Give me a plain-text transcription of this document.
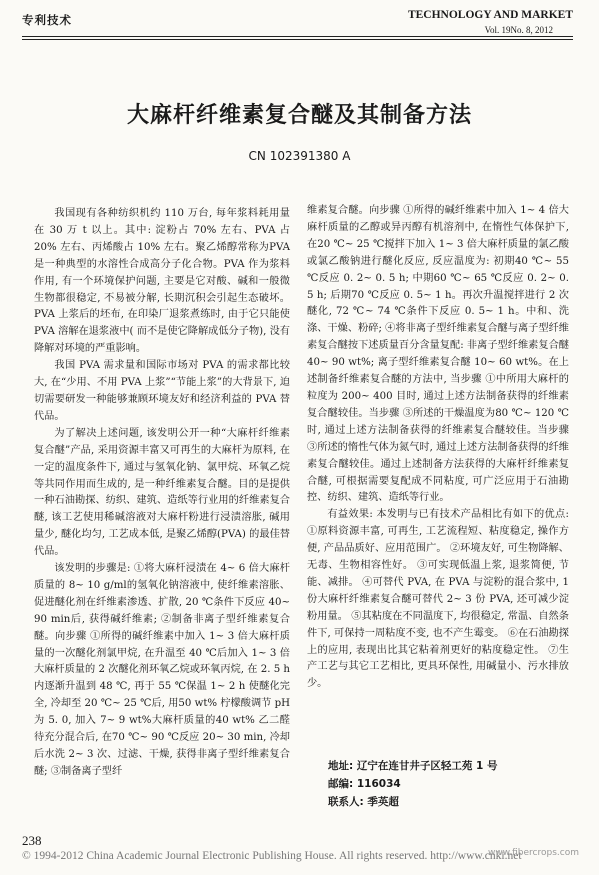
专利技术	TECHNOLOGY AND MARKET
Vol. 19No. 8, 2012
大麻杆纤维素复合醚及其制备方法
CN 102391380 A

我国现有各种纺织机约 110 万台, 每年浆料耗用量在 30 万 t 以上。其中: 淀粉占 70% 左右、PVA 占 20% 左右、丙烯酸占 10% 左右。聚乙烯醇常称为PVA 是一种典型的水溶性合成高分子化合物。PVA 作为浆料作用, 有一个环境保护问题, 主要是它对酸、碱和一般微生物都很稳定, 不易被分解, 长期沉积会引起生态破坏。PVA 上浆后的坯布, 在印染厂退浆煮练时, 由于它只能使 PVA 溶解在退浆液中( 而不是使它降解成低分子物), 没有降解对环境的严重影响。

我国 PVA 需求量和国际市场对 PVA 的需求都比较大, 在“少用、不用 PVA 上浆”“节能上浆”的大背景下, 迫切需要研发一种能够兼顾环境友好和经济利益的 PVA 替代品。

为了解决上述问题, 该发明公开一种“大麻杆纤维素复合醚”产品, 采用资源丰富又可再生的大麻杆为原料, 在一定的温度条件下, 通过与氢氧化钠、氯甲烷、环氧乙烷等共同作用而生成的, 是一种纤维素复合醚。目的是提供一种石油勘探、纺织、建筑、造纸等行业用的纤维素复合醚, 该工艺使用稀碱溶液对大麻杆粉进行浸渍溶胀, 碱用量少, 醚化均匀, 工艺成本低, 是聚乙烯醇(PVA) 的最佳替代品。

该发明的步骤是: ①将大麻杆浸渍在 4~ 6 倍大麻杆质量的 8~ 10 g/ml的氢氧化钠溶液中, 使纤维素溶胀、促进醚化剂在纤维素渗透、扩散, 20 ℃条件下反应 40~ 90 min后, 获得碱纤维素; ②制备非离子型纤维素复合醚。向步骤 ①所得的碱纤维素中加入 1~ 3 倍大麻杆质量的一次醚化剂氯甲烷, 在升温至 40 ℃后加入 1~ 3 倍大麻杆质量的 2 次醚化剂环氧乙烷或环氧丙烷, 在 2. 5 h内逐渐升温到 48 ℃, 再于 55 ℃保温 1~ 2 h 使醚化完全, 冷却至 20 ℃~ 25 ℃后, 用50 wt% 柠檬酸调节 pH 为 5. 0, 加入 7~ 9 wt%大麻杆质量的40 wt% 乙二醛待充分混合后, 在70 ℃~ 90 ℃反应 20~ 30 min, 冷却后水洗 2~ 3 次、过滤、干燥, 获得非离子型纤维素复合醚; ③制备离子型纤

维素复合醚。向步骤 ①所得的碱纤维素中加入 1~ 4 倍大麻杆质量的乙醇或异丙醇有机溶剂中, 在惰性气体保护下, 在20 ℃~ 25 ℃搅拌下加入 1~ 3 倍大麻杆质量的氯乙酸或氯乙酸钠进行醚化反应, 反应温度为: 初期40 ℃~ 55 ℃反应 0. 2~ 0. 5 h; 中期60 ℃~ 65 ℃反应 0. 2~ 0. 5 h; 后期70 ℃反应 0. 5~ 1 h。再次升温搅拌进行 2 次醚化, 72 ℃~ 74 ℃条件下反应 0. 5~ 1 h。中和、洗涤、干燥、粉碎; ④将非离子型纤维素复合醚与离子型纤维素复合醚按下述质量百分含量复配: 非离子型纤维素复合醚 40~ 90 wt%; 离子型纤维素复合醚 10~ 60 wt%。在上述制备纤维素复合醚的方法中, 当步骤 ①中所用大麻杆的粒度为 200~ 400 目时, 通过上述方法制备获得的纤维素复合醚较佳。当步骤 ③所述的干燥温度为80 ℃~ 120 ℃时, 通过上述方法制备获得的纤维素复合醚较佳。当步骤 ③所述的惰性气体为氮气时, 通过上述方法制备获得的纤维素复合醚较佳。通过上述制备方法获得的大麻杆纤维素复合醚, 可根据需要复配成不同粘度, 可广泛应用于石油勘控、纺织、建筑、造纸等行业。

有益效果: 本发明与已有技术产品相比有如下的优点: ①原料资源丰富, 可再生, 工艺流程短、粘度稳定, 操作方便, 产品品质好、应用范围广。 ②环境友好, 可生物降解、无毒、生物相容性好。 ③可实现低温上浆, 退浆简便, 节能、减排。 ④可替代 PVA, 在 PVA 与淀粉的混合浆中, 1 份大麻杆纤维素复合醚可替代 2~ 3 份 PVA, 还可减少淀粉用量。 ⑤其粘度在不同温度下, 均很稳定, 常温、自然条件下, 可保持一周粘度不变, 也不产生霉变。 ⑥在石油勘探上的应用, 表现出比其它粘着剂更好的粘度稳定性。 ⑦生产工艺与其它工艺相比, 更具环保性, 用碱量小、污水排放少。

地址: 辽宁在连甘井子区轻工苑 1 号
邮编: 116034
联系人: 季英超
238
© 1994-2012 China Academic Journal Electronic Publishing House. All rights reserved. http://www.cnki.net
www.fibercrops.com
